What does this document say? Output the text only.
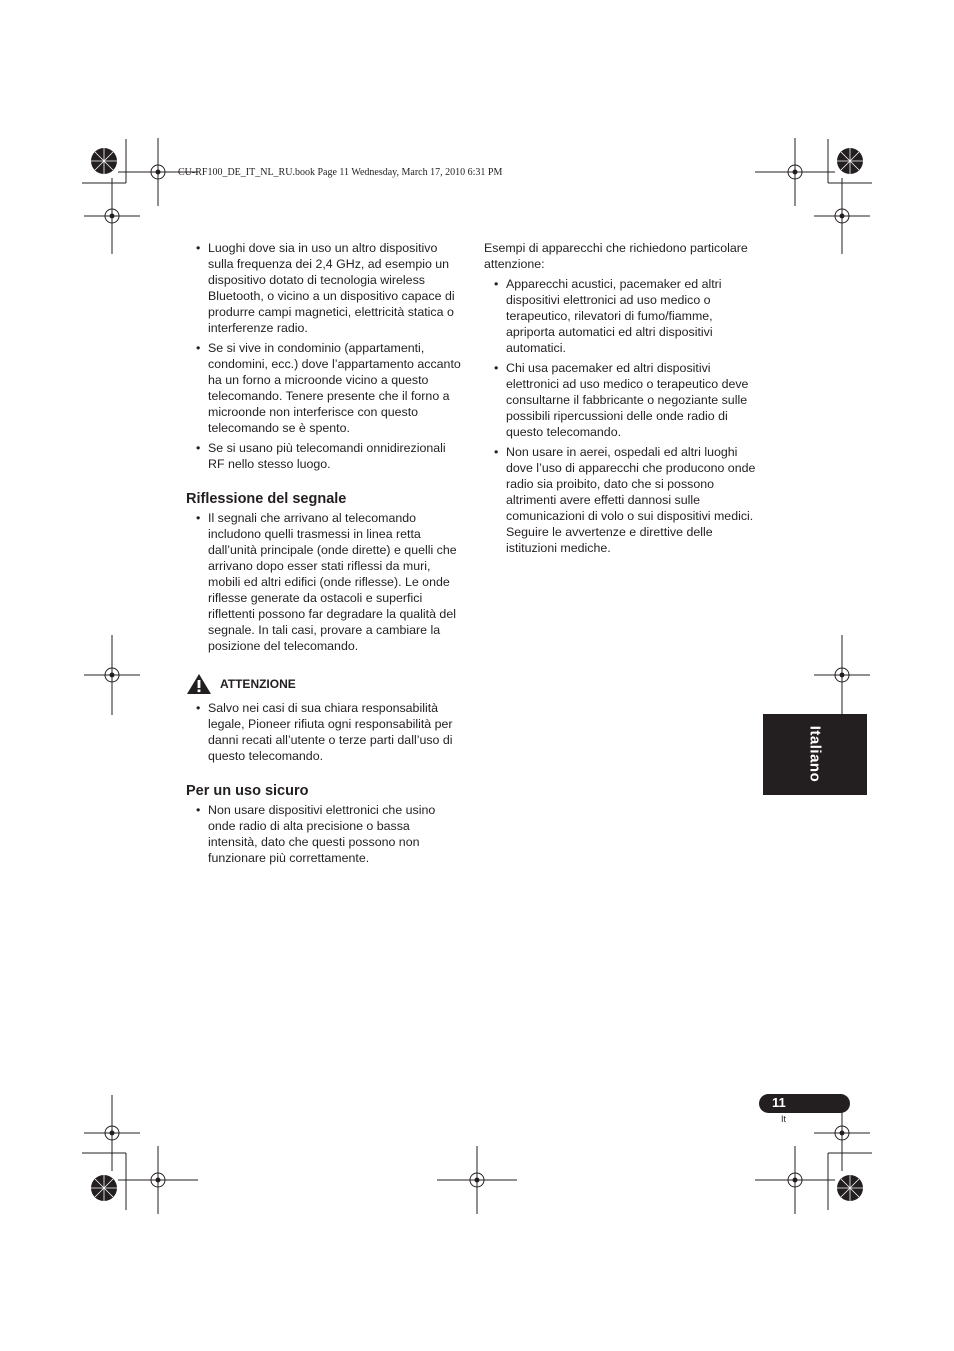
CU-RF100_DE_IT_NL_RU.book Page 11 Wednesday, March 17, 2010 6:31 PM
• Luoghi dove sia in uso un altro dispositivo sulla frequenza dei 2,4 GHz, ad esempio un dispositivo dotato di tecnologia wireless Bluetooth, o vicino a un dispositivo capace di produrre campi magnetici, elettricità statica o interferenze radio.
• Se si vive in condominio (appartamenti, condomini, ecc.) dove l’appartamento accanto ha un forno a microonde vicino a questo telecomando. Tenere presente che il forno a microonde non interferisce con questo telecomando se è spento.
• Se si usano più telecomandi onnidirezionali RF nello stesso luogo.
Riflessione del segnale
• Il segnali che arrivano al telecomando includono quelli trasmessi in linea retta dall’unità principale (onde dirette) e quelli che arrivano dopo esser stati riflessi da muri, mobili ed altri edifici (onde riflesse). Le onde riflesse generate da ostacoli e superfici riflettenti possono far degradare la qualità del segnale. In tali casi, provare a cambiare la posizione del telecomando.
ATTENZIONE
• Salvo nei casi di sua chiara responsabilità legale, Pioneer rifiuta ogni responsabilità per danni recati all’utente o terze parti dall’uso di questo telecomando.
Per un uso sicuro
• Non usare dispositivi elettronici che usino onde radio di alta precisione o bassa intensità, dato che questi possono non funzionare più correttamente.

Esempi di apparecchi che richiedono particolare attenzione:

• Apparecchi acustici, pacemaker ed altri dispositivi elettronici ad uso medico o terapeutico, rilevatori di fumo/fiamme, apriporta automatici ed altri dispositivi automatici.
• Chi usa pacemaker ed altri dispositivi elettronici ad uso medico o terapeutico deve consultarne il fabbricante o negoziante sulle possibili ripercussioni delle onde radio di questo telecomando.
• Non usare in aerei, ospedali ed altri luoghi dove l’uso di apparecchi che producono onde radio sia proibito, dato che si possono altrimenti avere effetti dannosi sulle comunicazioni di volo o sui dispositivi medici. Seguire le avvertenze e direttive delle istituzioni mediche.
Italiano
11
It
